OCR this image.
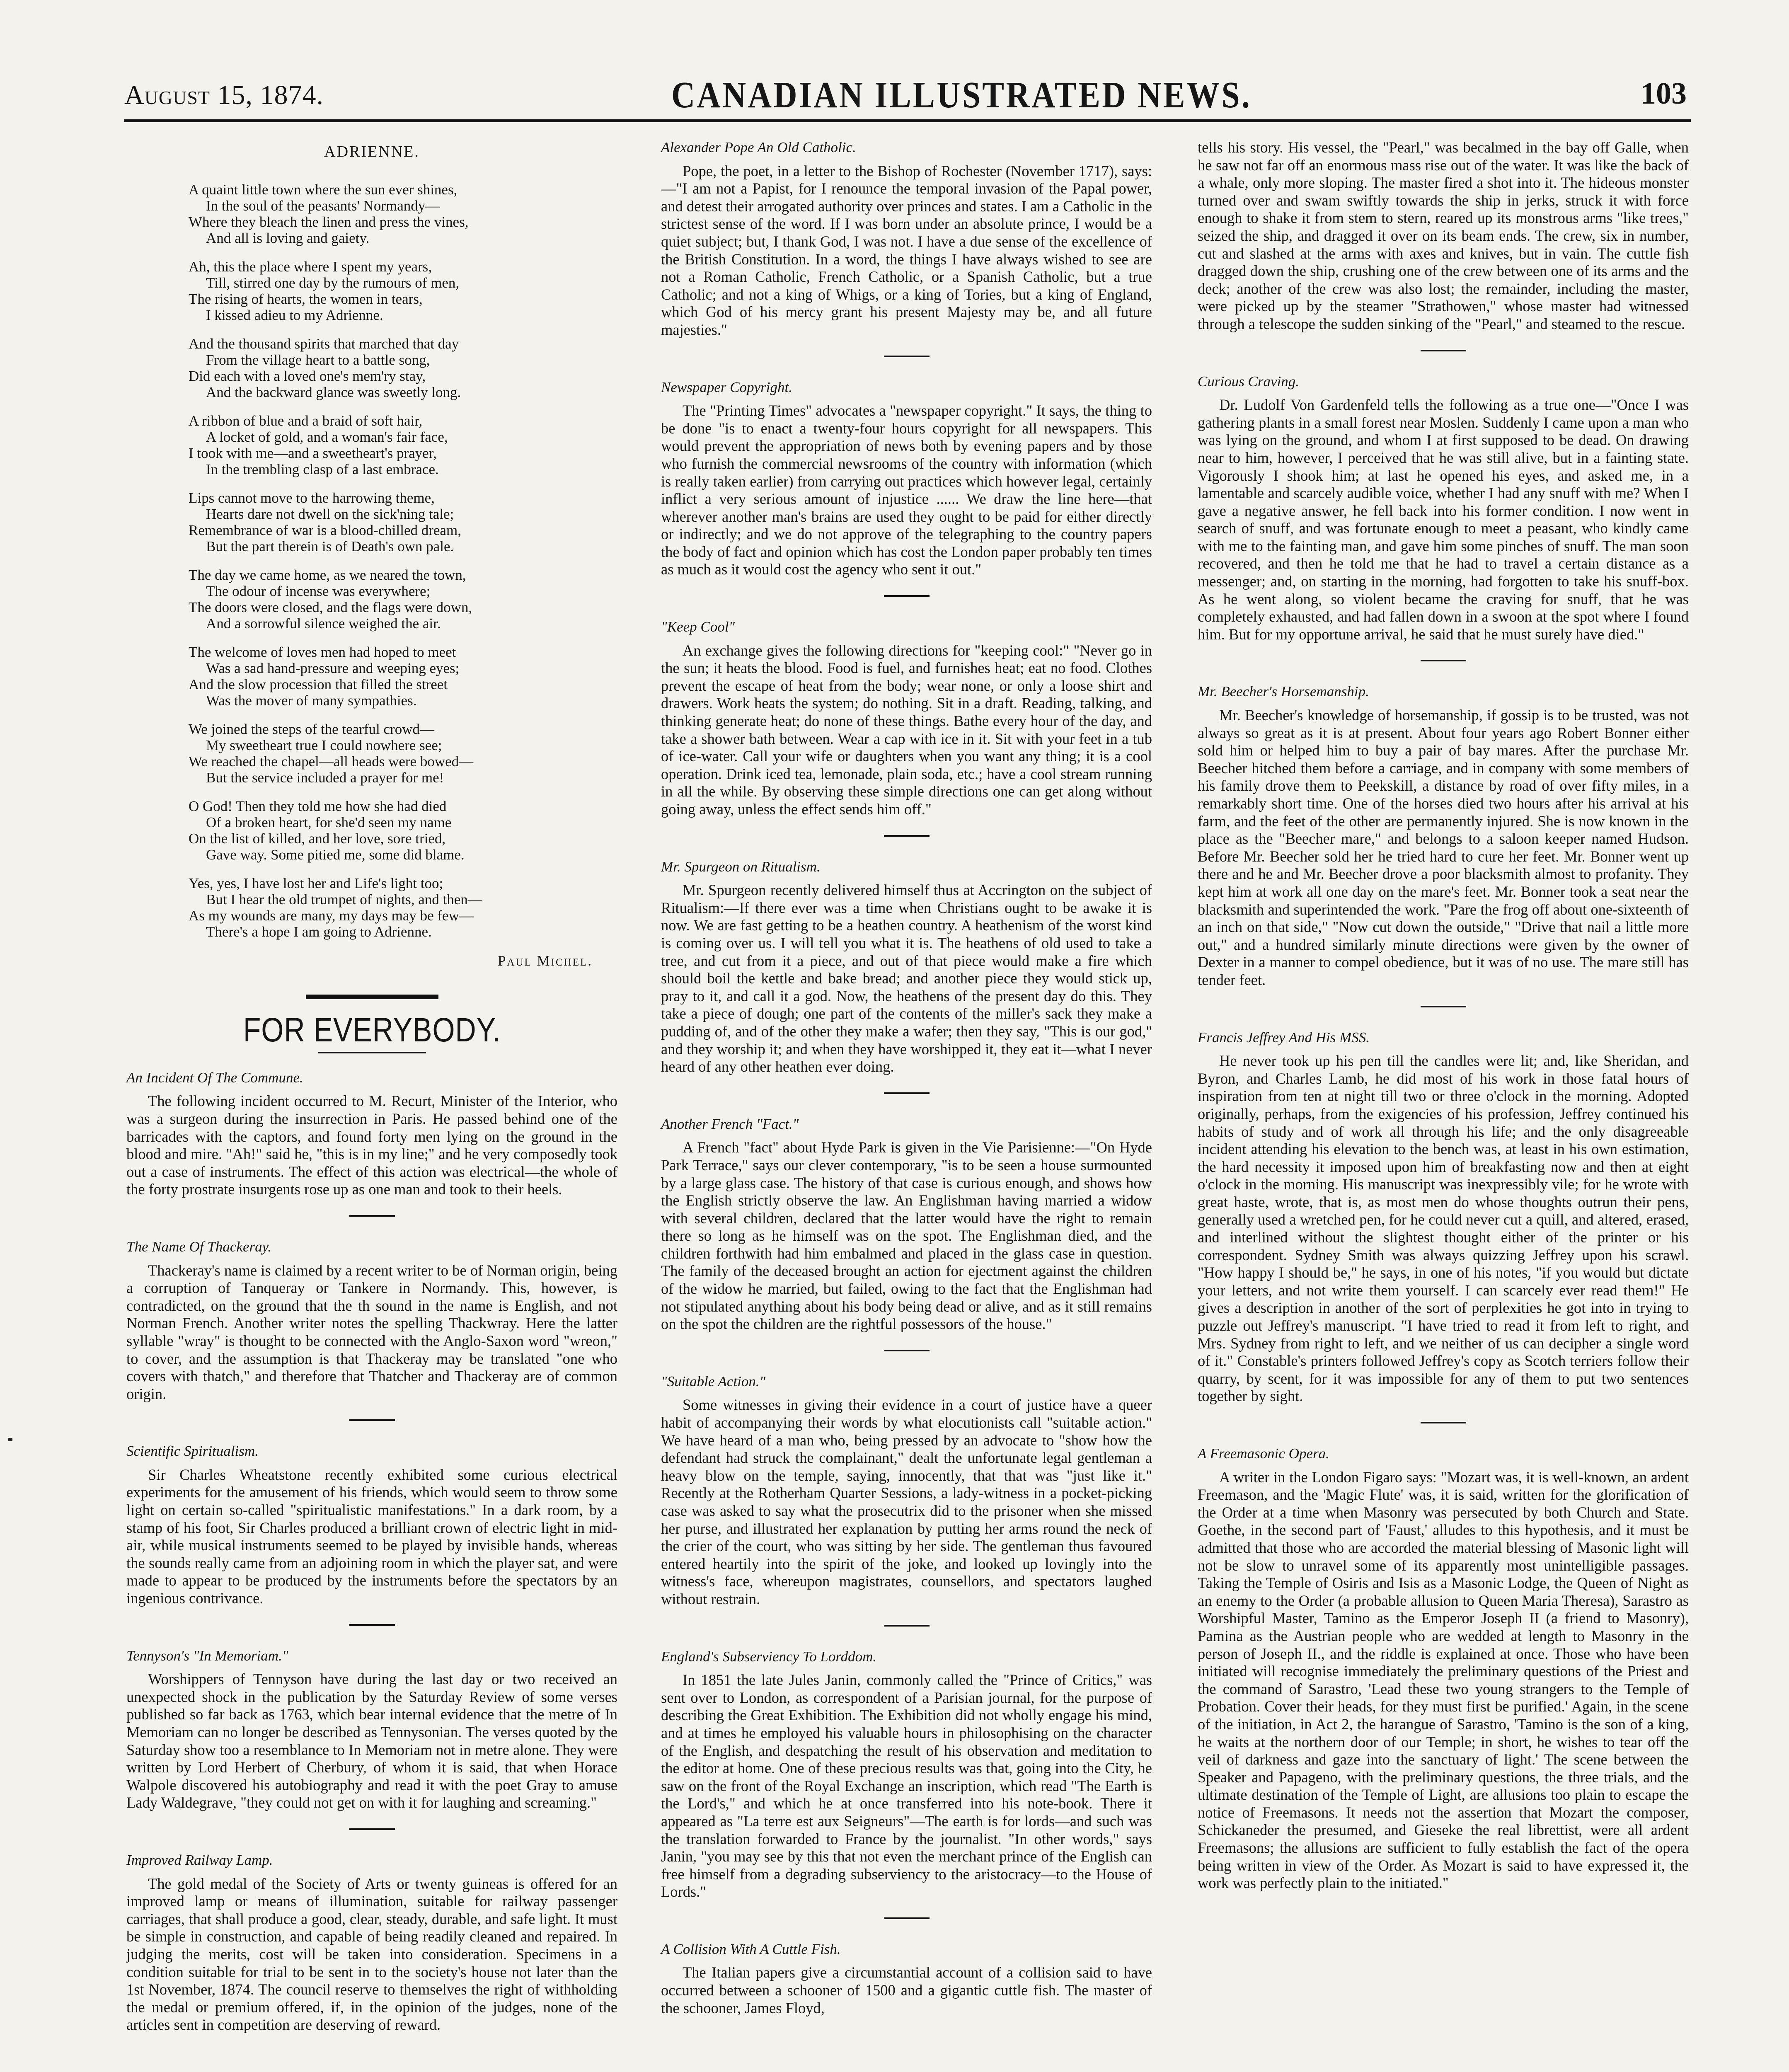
August 15, 1874.	CANADIAN ILLUSTRATED NEWS.	103
ADRIENNE.
A quaint little town where the sun ever shines,
In the soul of the peasants' Normandy—
Where they bleach the linen and press the vines,
And all is loving and gaiety.
Ah, this the place where I spent my years,
Till, stirred one day by the rumours of men,
The rising of hearts, the women in tears,
I kissed adieu to my Adrienne.
And the thousand spirits that marched that day
From the village heart to a battle song,
Did each with a loved one's mem'ry stay,
And the backward glance was sweetly long.
A ribbon of blue and a braid of soft hair,
A locket of gold, and a woman's fair face,
I took with me—and a sweetheart's prayer,
In the trembling clasp of a last embrace.
Lips cannot move to the harrowing theme,
Hearts dare not dwell on the sick'ning tale;
Remembrance of war is a blood-chilled dream,
But the part therein is of Death's own pale.
The day we came home, as we neared the town,
The odour of incense was everywhere;
The doors were closed, and the flags were down,
And a sorrowful silence weighed the air.
The welcome of loves men had hoped to meet
Was a sad hand-pressure and weeping eyes;
And the slow procession that filled the street
Was the mover of many sympathies.
We joined the steps of the tearful crowd—
My sweetheart true I could nowhere see;
We reached the chapel—all heads were bowed—
But the service included a prayer for me!
O God! Then they told me how she had died
Of a broken heart, for she'd seen my name
On the list of killed, and her love, sore tried,
Gave way. Some pitied me, some did blame.
Yes, yes, I have lost her and Life's light too;
But I hear the old trumpet of nights, and then—
As my wounds are many, my days may be few—
There's a hope I am going to Adrienne.
Paul Michel.
FOR EVERYBODY.
An Incident Of The Commune.

The following incident occurred to M. Recurt, Minister of the Interior, who was a surgeon during the insurrection in Paris. He passed behind one of the barricades with the captors, and found forty men lying on the ground in the blood and mire. "Ah!" said he, "this is in my line;" and he very composedly took out a case of instruments. The effect of this action was electrical—the whole of the forty prostrate insurgents rose up as one man and took to their heels.

The Name Of Thackeray.

Thackeray's name is claimed by a recent writer to be of Norman origin, being a corruption of Tanqueray or Tankere in Normandy. This, however, is contradicted, on the ground that the th sound in the name is English, and not Norman French. Another writer notes the spelling Thackwray. Here the latter syllable "wray" is thought to be connected with the Anglo-Saxon word "wreon," to cover, and the assumption is that Thackeray may be translated "one who covers with thatch," and therefore that Thatcher and Thackeray are of common origin.

Scientific Spiritualism.

Sir Charles Wheatstone recently exhibited some curious electrical experiments for the amusement of his friends, which would seem to throw some light on certain so-called "spiritualistic manifestations." In a dark room, by a stamp of his foot, Sir Charles produced a brilliant crown of electric light in mid-air, while musical instruments seemed to be played by invisible hands, whereas the sounds really came from an adjoining room in which the player sat, and were made to appear to be produced by the instruments before the spectators by an ingenious contrivance.

Tennyson's "In Memoriam."

Worshippers of Tennyson have during the last day or two received an unexpected shock in the publication by the Saturday Review of some verses published so far back as 1763, which bear internal evidence that the metre of In Memoriam can no longer be described as Tennysonian. The verses quoted by the Saturday show too a resemblance to In Memoriam not in metre alone. They were written by Lord Herbert of Cherbury, of whom it is said, that when Horace Walpole discovered his autobiography and read it with the poet Gray to amuse Lady Waldegrave, "they could not get on with it for laughing and screaming."

Improved Railway Lamp.

The gold medal of the Society of Arts or twenty guineas is offered for an improved lamp or means of illumination, suitable for railway passenger carriages, that shall produce a good, clear, steady, durable, and safe light. It must be simple in construction, and capable of being readily cleaned and repaired. In judging the merits, cost will be taken into consideration. Specimens in a condition suitable for trial to be sent in to the society's house not later than the 1st November, 1874. The council reserve to themselves the right of withholding the medal or premium offered, if, in the opinion of the judges, none of the articles sent in competition are deserving of reward.

Alexander Pope An Old Catholic.

Pope, the poet, in a letter to the Bishop of Rochester (November 1717), says:—"I am not a Papist, for I renounce the temporal invasion of the Papal power, and detest their arrogated authority over princes and states. I am a Catholic in the strictest sense of the word. If I was born under an absolute prince, I would be a quiet subject; but, I thank God, I was not. I have a due sense of the excellence of the British Constitution. In a word, the things I have always wished to see are not a Roman Catholic, French Catholic, or a Spanish Catholic, but a true Catholic; and not a king of Whigs, or a king of Tories, but a king of England, which God of his mercy grant his present Majesty may be, and all future majesties."

Newspaper Copyright.

The "Printing Times" advocates a "newspaper copyright." It says, the thing to be done "is to enact a twenty-four hours copyright for all newspapers. This would prevent the appropriation of news both by evening papers and by those who furnish the commercial newsrooms of the country with information (which is really taken earlier) from carrying out practices which however legal, certainly inflict a very serious amount of injustice ...... We draw the line here—that wherever another man's brains are used they ought to be paid for either directly or indirectly; and we do not approve of the telegraphing to the country papers the body of fact and opinion which has cost the London paper probably ten times as much as it would cost the agency who sent it out."

"Keep Cool"

An exchange gives the following directions for "keeping cool:" "Never go in the sun; it heats the blood. Food is fuel, and furnishes heat; eat no food. Clothes prevent the escape of heat from the body; wear none, or only a loose shirt and drawers. Work heats the system; do nothing. Sit in a draft. Reading, talking, and thinking generate heat; do none of these things. Bathe every hour of the day, and take a shower bath between. Wear a cap with ice in it. Sit with your feet in a tub of ice-water. Call your wife or daughters when you want any thing; it is a cool operation. Drink iced tea, lemonade, plain soda, etc.; have a cool stream running in all the while. By observing these simple directions one can get along without going away, unless the effect sends him off."

Mr. Spurgeon on Ritualism.

Mr. Spurgeon recently delivered himself thus at Accrington on the subject of Ritualism:—If there ever was a time when Christians ought to be awake it is now. We are fast getting to be a heathen country. A heathenism of the worst kind is coming over us. I will tell you what it is. The heathens of old used to take a tree, and cut from it a piece, and out of that piece would make a fire which should boil the kettle and bake bread; and another piece they would stick up, pray to it, and call it a god. Now, the heathens of the present day do this. They take a piece of dough; one part of the contents of the miller's sack they make a pudding of, and of the other they make a wafer; then they say, "This is our god," and they worship it; and when they have worshipped it, they eat it—what I never heard of any other heathen ever doing.

Another French "Fact."

A French "fact" about Hyde Park is given in the Vie Parisienne:—"On Hyde Park Terrace," says our clever contemporary, "is to be seen a house surmounted by a large glass case. The history of that case is curious enough, and shows how the English strictly observe the law. An Englishman having married a widow with several children, declared that the latter would have the right to remain there so long as he himself was on the spot. The Englishman died, and the children forthwith had him embalmed and placed in the glass case in question. The family of the deceased brought an action for ejectment against the children of the widow he married, but failed, owing to the fact that the Englishman had not stipulated anything about his body being dead or alive, and as it still remains on the spot the children are the rightful possessors of the house."

"Suitable Action."

Some witnesses in giving their evidence in a court of justice have a queer habit of accompanying their words by what elocutionists call "suitable action." We have heard of a man who, being pressed by an advocate to "show how the defendant had struck the complainant," dealt the unfortunate legal gentleman a heavy blow on the temple, saying, innocently, that that was "just like it." Recently at the Rotherham Quarter Sessions, a lady-witness in a pocket-picking case was asked to say what the prosecutrix did to the prisoner when she missed her purse, and illustrated her explanation by putting her arms round the neck of the crier of the court, who was sitting by her side. The gentleman thus favoured entered heartily into the spirit of the joke, and looked up lovingly into the witness's face, whereupon magistrates, counsellors, and spectators laughed without restrain.

England's Subserviency To Lorddom.

In 1851 the late Jules Janin, commonly called the "Prince of Critics," was sent over to London, as correspondent of a Parisian journal, for the purpose of describing the Great Exhibition. The Exhibition did not wholly engage his mind, and at times he employed his valuable hours in philosophising on the character of the English, and despatching the result of his observation and meditation to the editor at home. One of these precious results was that, going into the City, he saw on the front of the Royal Exchange an inscription, which read "The Earth is the Lord's," and which he at once transferred into his note-book. There it appeared as "La terre est aux Seigneurs"—The earth is for lords—and such was the translation forwarded to France by the journalist. "In other words," says Janin, "you may see by this that not even the merchant prince of the English can free himself from a degrading subserviency to the aristocracy—to the House of Lords."

A Collision With A Cuttle Fish.

The Italian papers give a circumstantial account of a collision said to have occurred between a schooner of 1500 and a gigantic cuttle fish. The master of the schooner, James Floyd,

tells his story. His vessel, the "Pearl," was becalmed in the bay off Galle, when he saw not far off an enormous mass rise out of the water. It was like the back of a whale, only more sloping. The master fired a shot into it. The hideous monster turned over and swam swiftly towards the ship in jerks, struck it with force enough to shake it from stem to stern, reared up its monstrous arms "like trees," seized the ship, and dragged it over on its beam ends. The crew, six in number, cut and slashed at the arms with axes and knives, but in vain. The cuttle fish dragged down the ship, crushing one of the crew between one of its arms and the deck; another of the crew was also lost; the remainder, including the master, were picked up by the steamer "Strathowen," whose master had witnessed through a telescope the sudden sinking of the "Pearl," and steamed to the rescue.

Curious Craving.

Dr. Ludolf Von Gardenfeld tells the following as a true one—"Once I was gathering plants in a small forest near Moslen. Suddenly I came upon a man who was lying on the ground, and whom I at first supposed to be dead. On drawing near to him, however, I perceived that he was still alive, but in a fainting state. Vigorously I shook him; at last he opened his eyes, and asked me, in a lamentable and scarcely audible voice, whether I had any snuff with me? When I gave a negative answer, he fell back into his former condition. I now went in search of snuff, and was fortunate enough to meet a peasant, who kindly came with me to the fainting man, and gave him some pinches of snuff. The man soon recovered, and then he told me that he had to travel a certain distance as a messenger; and, on starting in the morning, had forgotten to take his snuff-box. As he went along, so violent became the craving for snuff, that he was completely exhausted, and had fallen down in a swoon at the spot where I found him. But for my opportune arrival, he said that he must surely have died."

Mr. Beecher's Horsemanship.

Mr. Beecher's knowledge of horsemanship, if gossip is to be trusted, was not always so great as it is at present. About four years ago Robert Bonner either sold him or helped him to buy a pair of bay mares. After the purchase Mr. Beecher hitched them before a carriage, and in company with some members of his family drove them to Peekskill, a distance by road of over fifty miles, in a remarkably short time. One of the horses died two hours after his arrival at his farm, and the feet of the other are permanently injured. She is now known in the place as the "Beecher mare," and belongs to a saloon keeper named Hudson. Before Mr. Beecher sold her he tried hard to cure her feet. Mr. Bonner went up there and he and Mr. Beecher drove a poor blacksmith almost to profanity. They kept him at work all one day on the mare's feet. Mr. Bonner took a seat near the blacksmith and superintended the work. "Pare the frog off about one-sixteenth of an inch on that side," "Now cut down the outside," "Drive that nail a little more out," and a hundred similarly minute directions were given by the owner of Dexter in a manner to compel obedience, but it was of no use. The mare still has tender feet.

Francis Jeffrey And His MSS.

He never took up his pen till the candles were lit; and, like Sheridan, and Byron, and Charles Lamb, he did most of his work in those fatal hours of inspiration from ten at night till two or three o'clock in the morning. Adopted originally, perhaps, from the exigencies of his profession, Jeffrey continued his habits of study and of work all through his life; and the only disagreeable incident attending his elevation to the bench was, at least in his own estimation, the hard necessity it imposed upon him of breakfasting now and then at eight o'clock in the morning. His manuscript was inexpressibly vile; for he wrote with great haste, wrote, that is, as most men do whose thoughts outrun their pens, generally used a wretched pen, for he could never cut a quill, and altered, erased, and interlined without the slightest thought either of the printer or his correspondent. Sydney Smith was always quizzing Jeffrey upon his scrawl. "How happy I should be," he says, in one of his notes, "if you would but dictate your letters, and not write them yourself. I can scarcely ever read them!" He gives a description in another of the sort of perplexities he got into in trying to puzzle out Jeffrey's manuscript. "I have tried to read it from left to right, and Mrs. Sydney from right to left, and we neither of us can decipher a single word of it." Constable's printers followed Jeffrey's copy as Scotch terriers follow their quarry, by scent, for it was impossible for any of them to put two sentences together by sight.

A Freemasonic Opera.

A writer in the London Figaro says: "Mozart was, it is well-known, an ardent Freemason, and the 'Magic Flute' was, it is said, written for the glorification of the Order at a time when Masonry was persecuted by both Church and State. Goethe, in the second part of 'Faust,' alludes to this hypothesis, and it must be admitted that those who are accorded the material blessing of Masonic light will not be slow to unravel some of its apparently most unintelligible passages. Taking the Temple of Osiris and Isis as a Masonic Lodge, the Queen of Night as an enemy to the Order (a probable allusion to Queen Maria Theresa), Sarastro as Worshipful Master, Tamino as the Emperor Joseph II (a friend to Masonry), Pamina as the Austrian people who are wedded at length to Masonry in the person of Joseph II., and the riddle is explained at once. Those who have been initiated will recognise immediately the preliminary questions of the Priest and the command of Sarastro, 'Lead these two young strangers to the Temple of Probation. Cover their heads, for they must first be purified.' Again, in the scene of the initiation, in Act 2, the harangue of Sarastro, 'Tamino is the son of a king, he waits at the northern door of our Temple; in short, he wishes to tear off the veil of darkness and gaze into the sanctuary of light.' The scene between the Speaker and Papageno, with the preliminary questions, the three trials, and the ultimate destination of the Temple of Light, are allusions too plain to escape the notice of Freemasons. It needs not the assertion that Mozart the composer, Schickaneder the presumed, and Gieseke the real librettist, were all ardent Freemasons; the allusions are sufficient to fully establish the fact of the opera being written in view of the Order. As Mozart is said to have expressed it, the work was perfectly plain to the initiated."
